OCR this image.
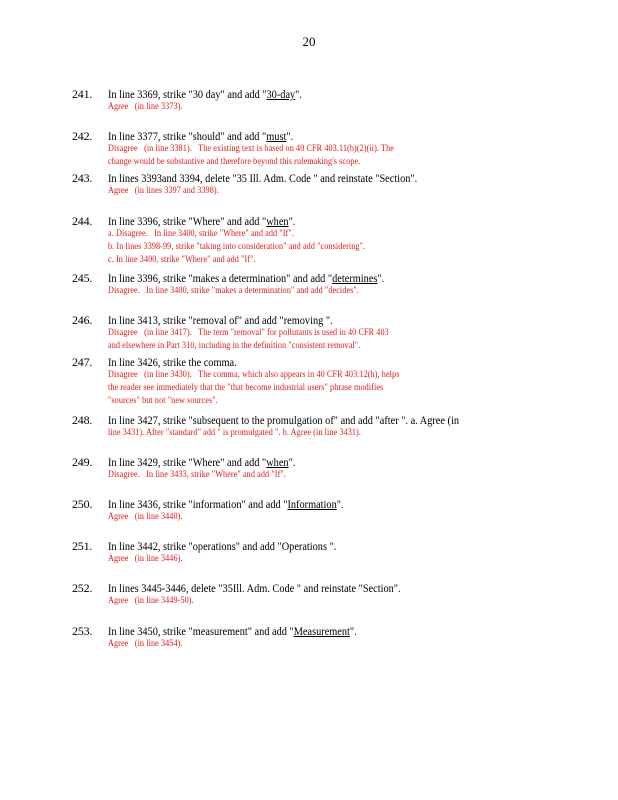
20
241. In line 3369, strike "30 day" and add "30-day".
Agree   (in line 3373).
242. In line 3377, strike "should" and add "must".
Disagree   (in line 3381).   The existing text is based on 40 CFR 403.11(b)(2)(ii). The
change would be substantive and therefore beyond this rulemaking's scope.
243. In lines 3393and 3394, delete "35 Ill. Adm. Code " and reinstate "Section".
Agree   (in lines 3397 and 3398).
244. In line 3396, strike "Where" and add "when".
a. Disagree.   In line 3400, strike "Where" and add "If".
b. In lines 3398-99, strike "taking into consideration" and add "considering".
c. In line 3400, strike "Where" and add "If".
245. In line 3396, strike "makes a determination" and add "determines".
Disagree.   In line 3400, strike "makes a determination" and add "decides".
246. In line 3413, strike "removal of" and add "removing ".
Disagree   (in line 3417).   The term "removal" for pollutants is used in 40 CFR 403
and elsewhere in Part 310, including in the definition "consistent removal".
247. In line 3426, strike the comma.
Disagree   (in line 3430).   The comma, which also appears in 40 CFR 403.12(h), helps
the reader see immediately that the "that become industrial users" phrase modifies
"sources" but not "new sources".
248. In line 3427, strike "subsequent to the promulgation of" and add "after ". a. Agree (in
line 3431). After "standard" add " is promulgated ". b. Agree (in line 3431).
249. In line 3429, strike "Where" and add "when".
Disagree.   In line 3433, strike "Where" and add "If".
250. In line 3436, strike "information" and add "Information".
Agree   (in line 3440).
251. In line 3442, strike "operations" and add "Operations ".
Agree   (in line 3446).
252. In lines 3445-3446, delete "35Ill. Adm. Code " and reinstate "Section".
Agree   (in line 3449-50).
253. In line 3450, strike "measurement" and add "Measurement".
Agree   (in line 3454).
